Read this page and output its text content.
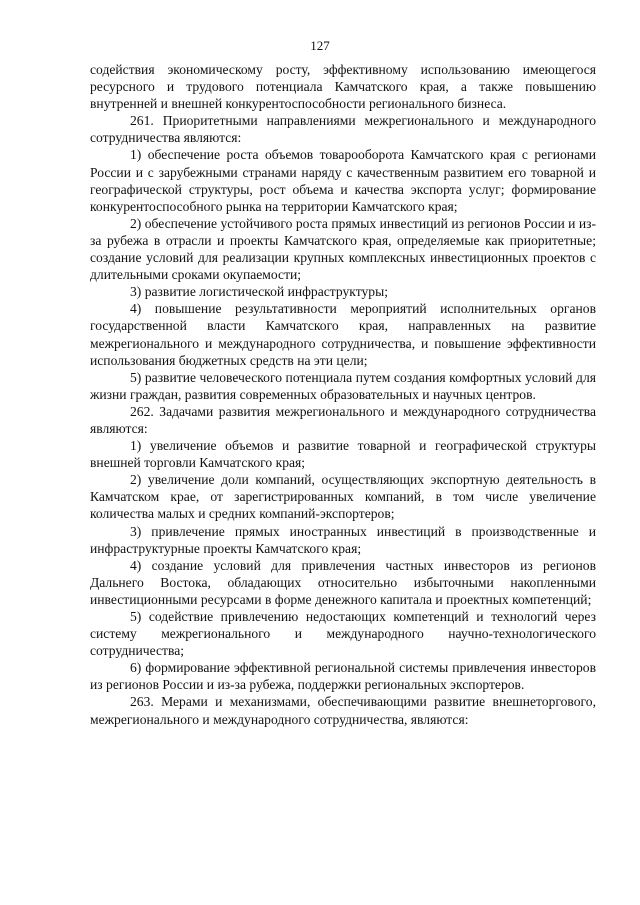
127

содействия экономическому росту, эффективному использованию имеющегося ресурсного и трудового потенциала Камчатского края, а также повышению внутренней и внешней конкурентоспособности регионального бизнеса.

261. Приоритетными направлениями межрегионального и международного сотрудничества являются:

1) обеспечение роста объемов товарооборота Камчатского края с регионами России и с зарубежными странами наряду с качественным развитием его товарной и географической структуры, рост объема и качества экспорта услуг; формирование конкурентоспособного рынка на территории Камчатского края;

2) обеспечение устойчивого роста прямых инвестиций из регионов России и из-за рубежа в отрасли и проекты Камчатского края, определяемые как приоритетные; создание условий для реализации крупных комплексных инвестиционных проектов с длительными сроками окупаемости;

3) развитие логистической инфраструктуры;

4) повышение результативности мероприятий исполнительных органов государственной власти Камчатского края, направленных на развитие межрегионального и международного сотрудничества, и повышение эффективности использования бюджетных средств на эти цели;

5) развитие человеческого потенциала путем создания комфортных условий для жизни граждан, развития современных образовательных и научных центров.

262. Задачами развития межрегионального и международного сотрудничества являются:

1) увеличение объемов и развитие товарной и географической структуры внешней торговли Камчатского края;

2) увеличение доли компаний, осуществляющих экспортную деятельность в Камчатском крае, от зарегистрированных компаний, в том числе увеличение количества малых и средних компаний-экспортеров;

3) привлечение прямых иностранных инвестиций в производственные и инфраструктурные проекты Камчатского края;

4) создание условий для привлечения частных инвесторов из регионов Дальнего Востока, обладающих относительно избыточными накопленными инвестиционными ресурсами в форме денежного капитала и проектных компетенций;

5) содействие привлечению недостающих компетенций и технологий через систему межрегионального и международного научно-технологического сотрудничества;

6) формирование эффективной региональной системы привлечения инвесторов из регионов России и из-за рубежа, поддержки региональных экспортеров.

263. Мерами и механизмами, обеспечивающими развитие внешнеторгового, межрегионального и международного сотрудничества, являются:
